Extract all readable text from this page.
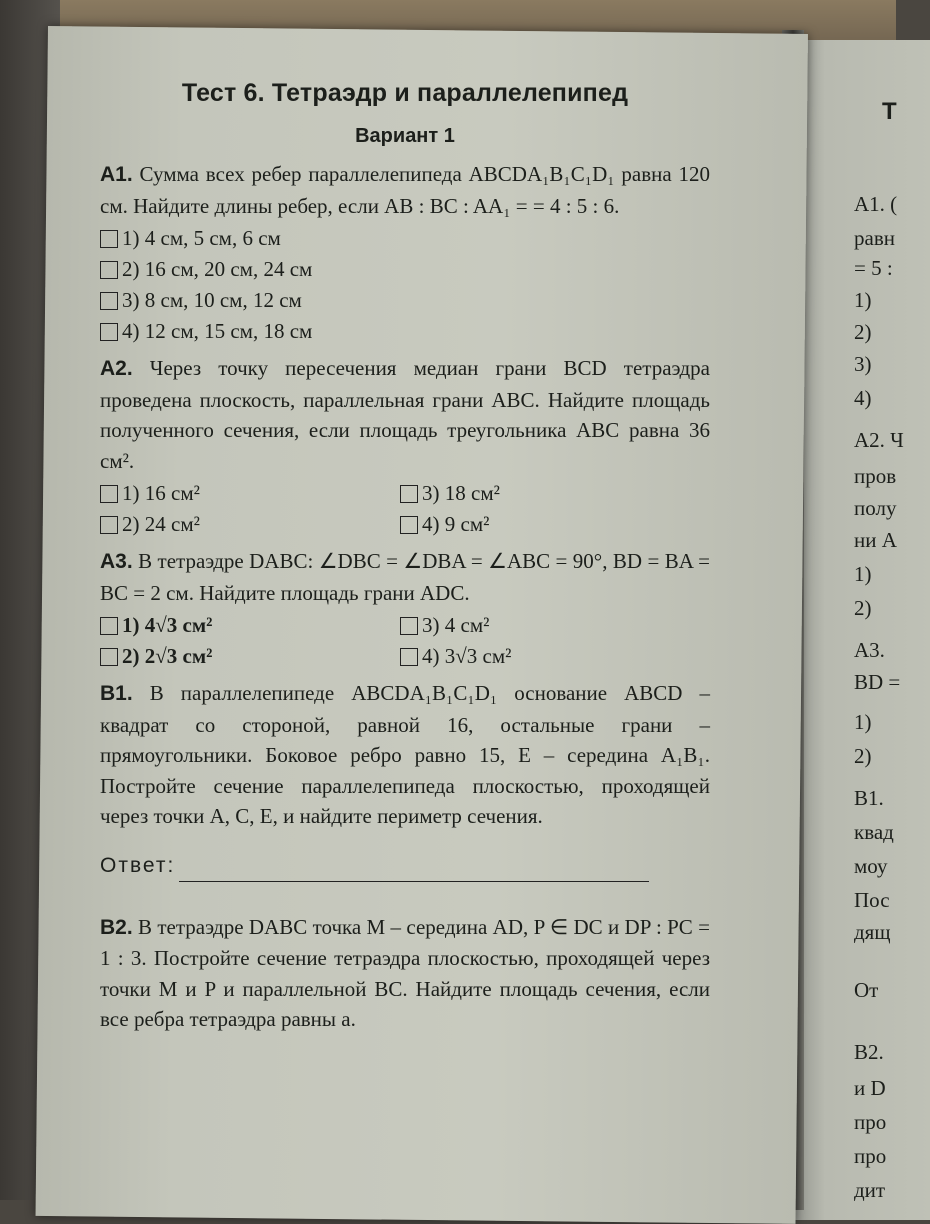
Т
А1. (
равн
= 5 :
1)
2)
3)
4)
А2. Ч
пров
полу
ни A
1)
2)
А3.
BD =
1)
2)
В1.
квад
моу
Пос
дящ
От
В2.
и D
про
про
дит
Тест 6. Тетраэдр и параллелепипед
Вариант 1
А1. Сумма всех ребер параллелепипеда ABCDA₁B₁C₁D₁ равна 120 см. Найдите длины ребер, если AB : BC : AA₁ = = 4 : 5 : 6.
1) 4 см, 5 см, 6 см
2) 16 см, 20 см, 24 см
3) 8 см, 10 см, 12 см
4) 12 см, 15 см, 18 см
А2. Через точку пересечения медиан грани BCD тетраэдра проведена плоскость, параллельная грани ABC. Найдите площадь полученного сечения, если площадь треугольника ABC равна 36 см².
1) 16 см²	3) 18 см²
2) 24 см²	4) 9 см²
А3. В тетраэдре DABC: ∠DBC = ∠DBA = ∠ABC = 90°, BD = BA = BC = 2 см. Найдите площадь грани ADC.
1) 4√3 см²	3) 4 см²
2) 2√3 см²	4) 3√3 см²
В1. В параллелепипеде ABCDA₁B₁C₁D₁ основание ABCD – квадрат со стороной, равной 16, остальные грани – прямоугольники. Боковое ребро равно 15, E – середина A₁B₁. Постройте сечение параллелепипеда плоскостью, проходящей через точки A, C, E, и найдите периметр сечения.
Ответ:
В2. В тетраэдре DABC точка M – середина AD, P ∈ DC и DP : PC = 1 : 3. Постройте сечение тетраэдра плоскостью, проходящей через точки M и P и параллельной BC. Найдите площадь сечения, если все ребра тетраэдра равны a.
